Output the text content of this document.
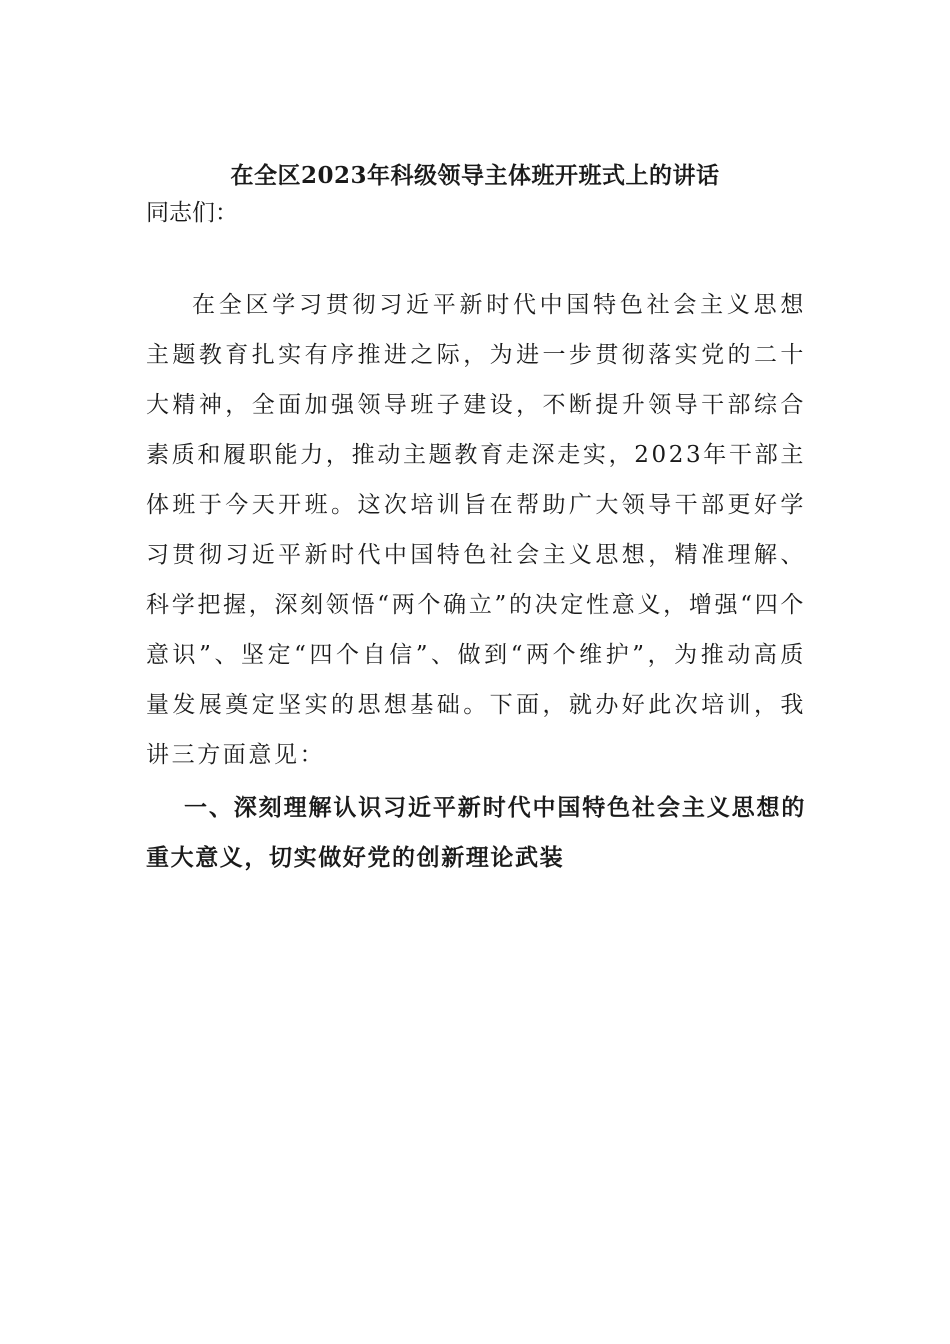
在全区2023年科级领导主体班开班式上的讲话

同志们：

在全区学习贯彻习近平新时代中国特色社会主义思想主题教育扎实有序推进之际，为进一步贯彻落实党的二十大精神，全面加强领导班子建设，不断提升领导干部综合素质和履职能力，推动主题教育走深走实，2023年干部主体班于今天开班。这次培训旨在帮助广大领导干部更好学习贯彻习近平新时代中国特色社会主义思想，精准理解、科学把握，深刻领悟“两个确立”的决定性意义，增强“四个意识”、坚定“四个自信”、做到“两个维护”，为推动高质量发展奠定坚实的思想基础。下面，就办好此次培训，我讲三方面意见：

一、深刻理解认识习近平新时代中国特色社会主义思想的重大意义，切实做好党的创新理论武装
